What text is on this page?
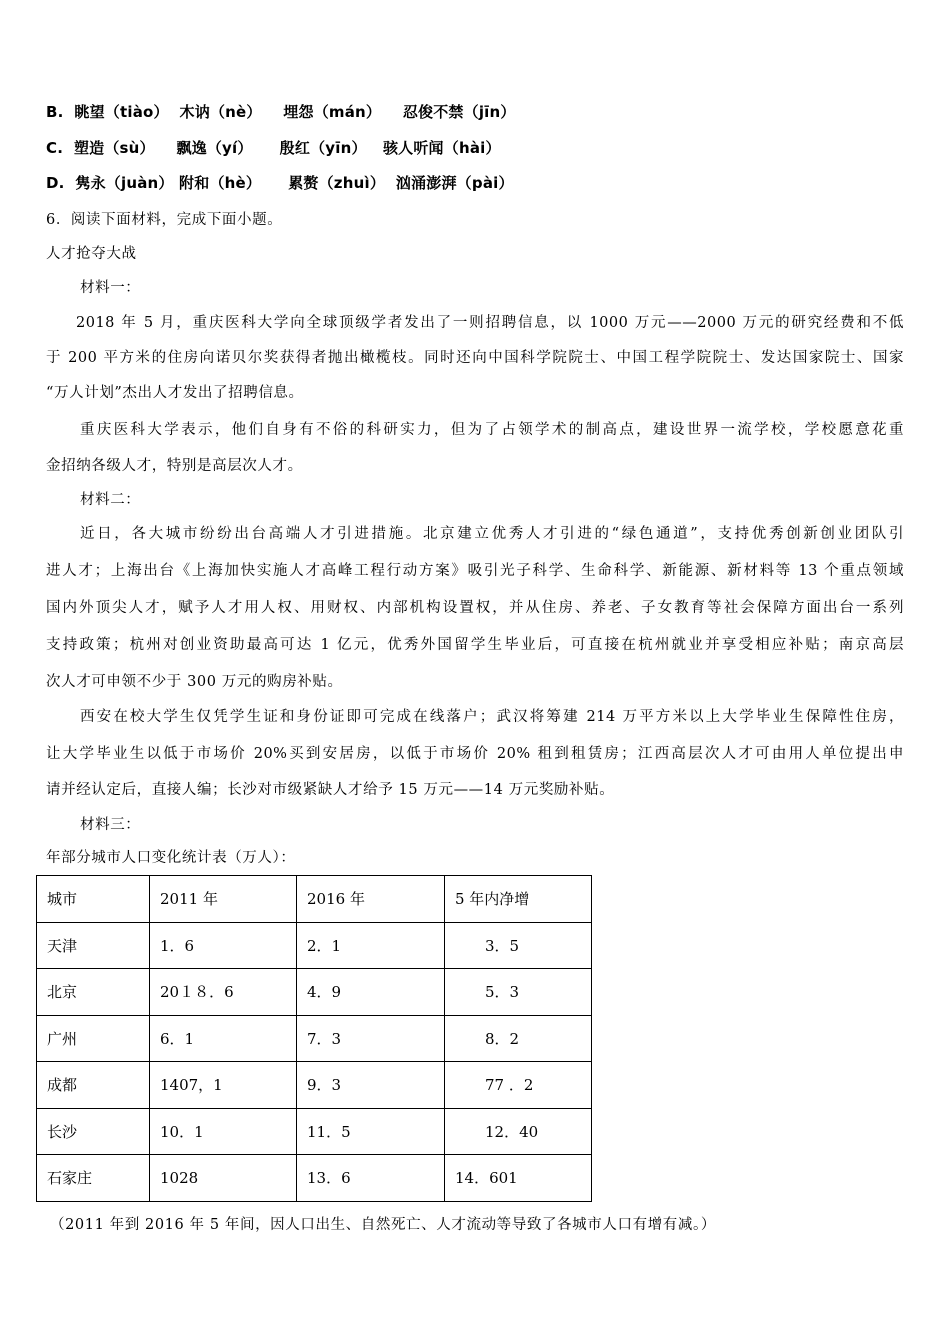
B.  眺望（tiào）  木讷（nè）    埋怨（mán）    忍俊不禁（jīn）
C.  塑造（sù）    飘逸（yí）     殷红（yīn）   骇人听闻（hài）
D.  隽永（juàn） 附和（hè）     累赘（zhuì）  汹涌澎湃（pài）
6．阅读下面材料，完成下面小题。
人才抢夺大战
材料一：
2018 年 5 月，重庆医科大学向全球顶级学者发出了一则招聘信息，以 1000 万元——2000 万元的研究经费和不低
于 200 平方米的住房向诺贝尔奖获得者抛出橄榄枝。同时还向中国科学院院士、中国工程学院院士、发达国家院士、国家
“万人计划”杰出人才发出了招聘信息。
重庆医科大学表示，他们自身有不俗的科研实力，但为了占领学术的制高点，建设世界一流学校，学校愿意花重
金招纳各级人才，特别是高层次人才。
材料二：
近日，各大城市纷纷出台高端人才引进措施。北京建立优秀人才引进的“绿色通道”，支持优秀创新创业团队引
进人才；上海出台《上海加快实施人才高峰工程行动方案》吸引光子科学、生命科学、新能源、新材料等 13 个重点领域
国内外顶尖人才，赋予人才用人权、用财权、内部机构设置权，并从住房、养老、子女教育等社会保障方面出台一系列
支持政策；杭州对创业资助最高可达 1 亿元，优秀外国留学生毕业后，可直接在杭州就业并享受相应补贴；南京高层
次人才可申领不少于 300 万元的购房补贴。
西安在校大学生仅凭学生证和身份证即可完成在线落户；武汉将筹建 214 万平方米以上大学毕业生保障性住房，
让大学毕业生以低于市场价 20%买到安居房，以低于市场价 20% 租到租赁房；江西高层次人才可由用人单位提出申
请并经认定后，直接人编；长沙对市级紧缺人才给予 15 万元——14 万元奖励补贴。
材料三：
年部分城市人口变化统计表（万人）：
城市	2011 年	2016 年	5 年内净增
天津	1．6	2．1	3．5
北京	20１８．6	4．9	5．3
广州	6．1	7．3	8．2
成都	1407，1	9．3	77 ．2
长沙	10．1	11．5	12．40
石家庄	1028	13．6	14．601
（2011 年到 2016 年 5 年间，因人口出生、自然死亡、人才流动等导致了各城市人口有增有减。）
